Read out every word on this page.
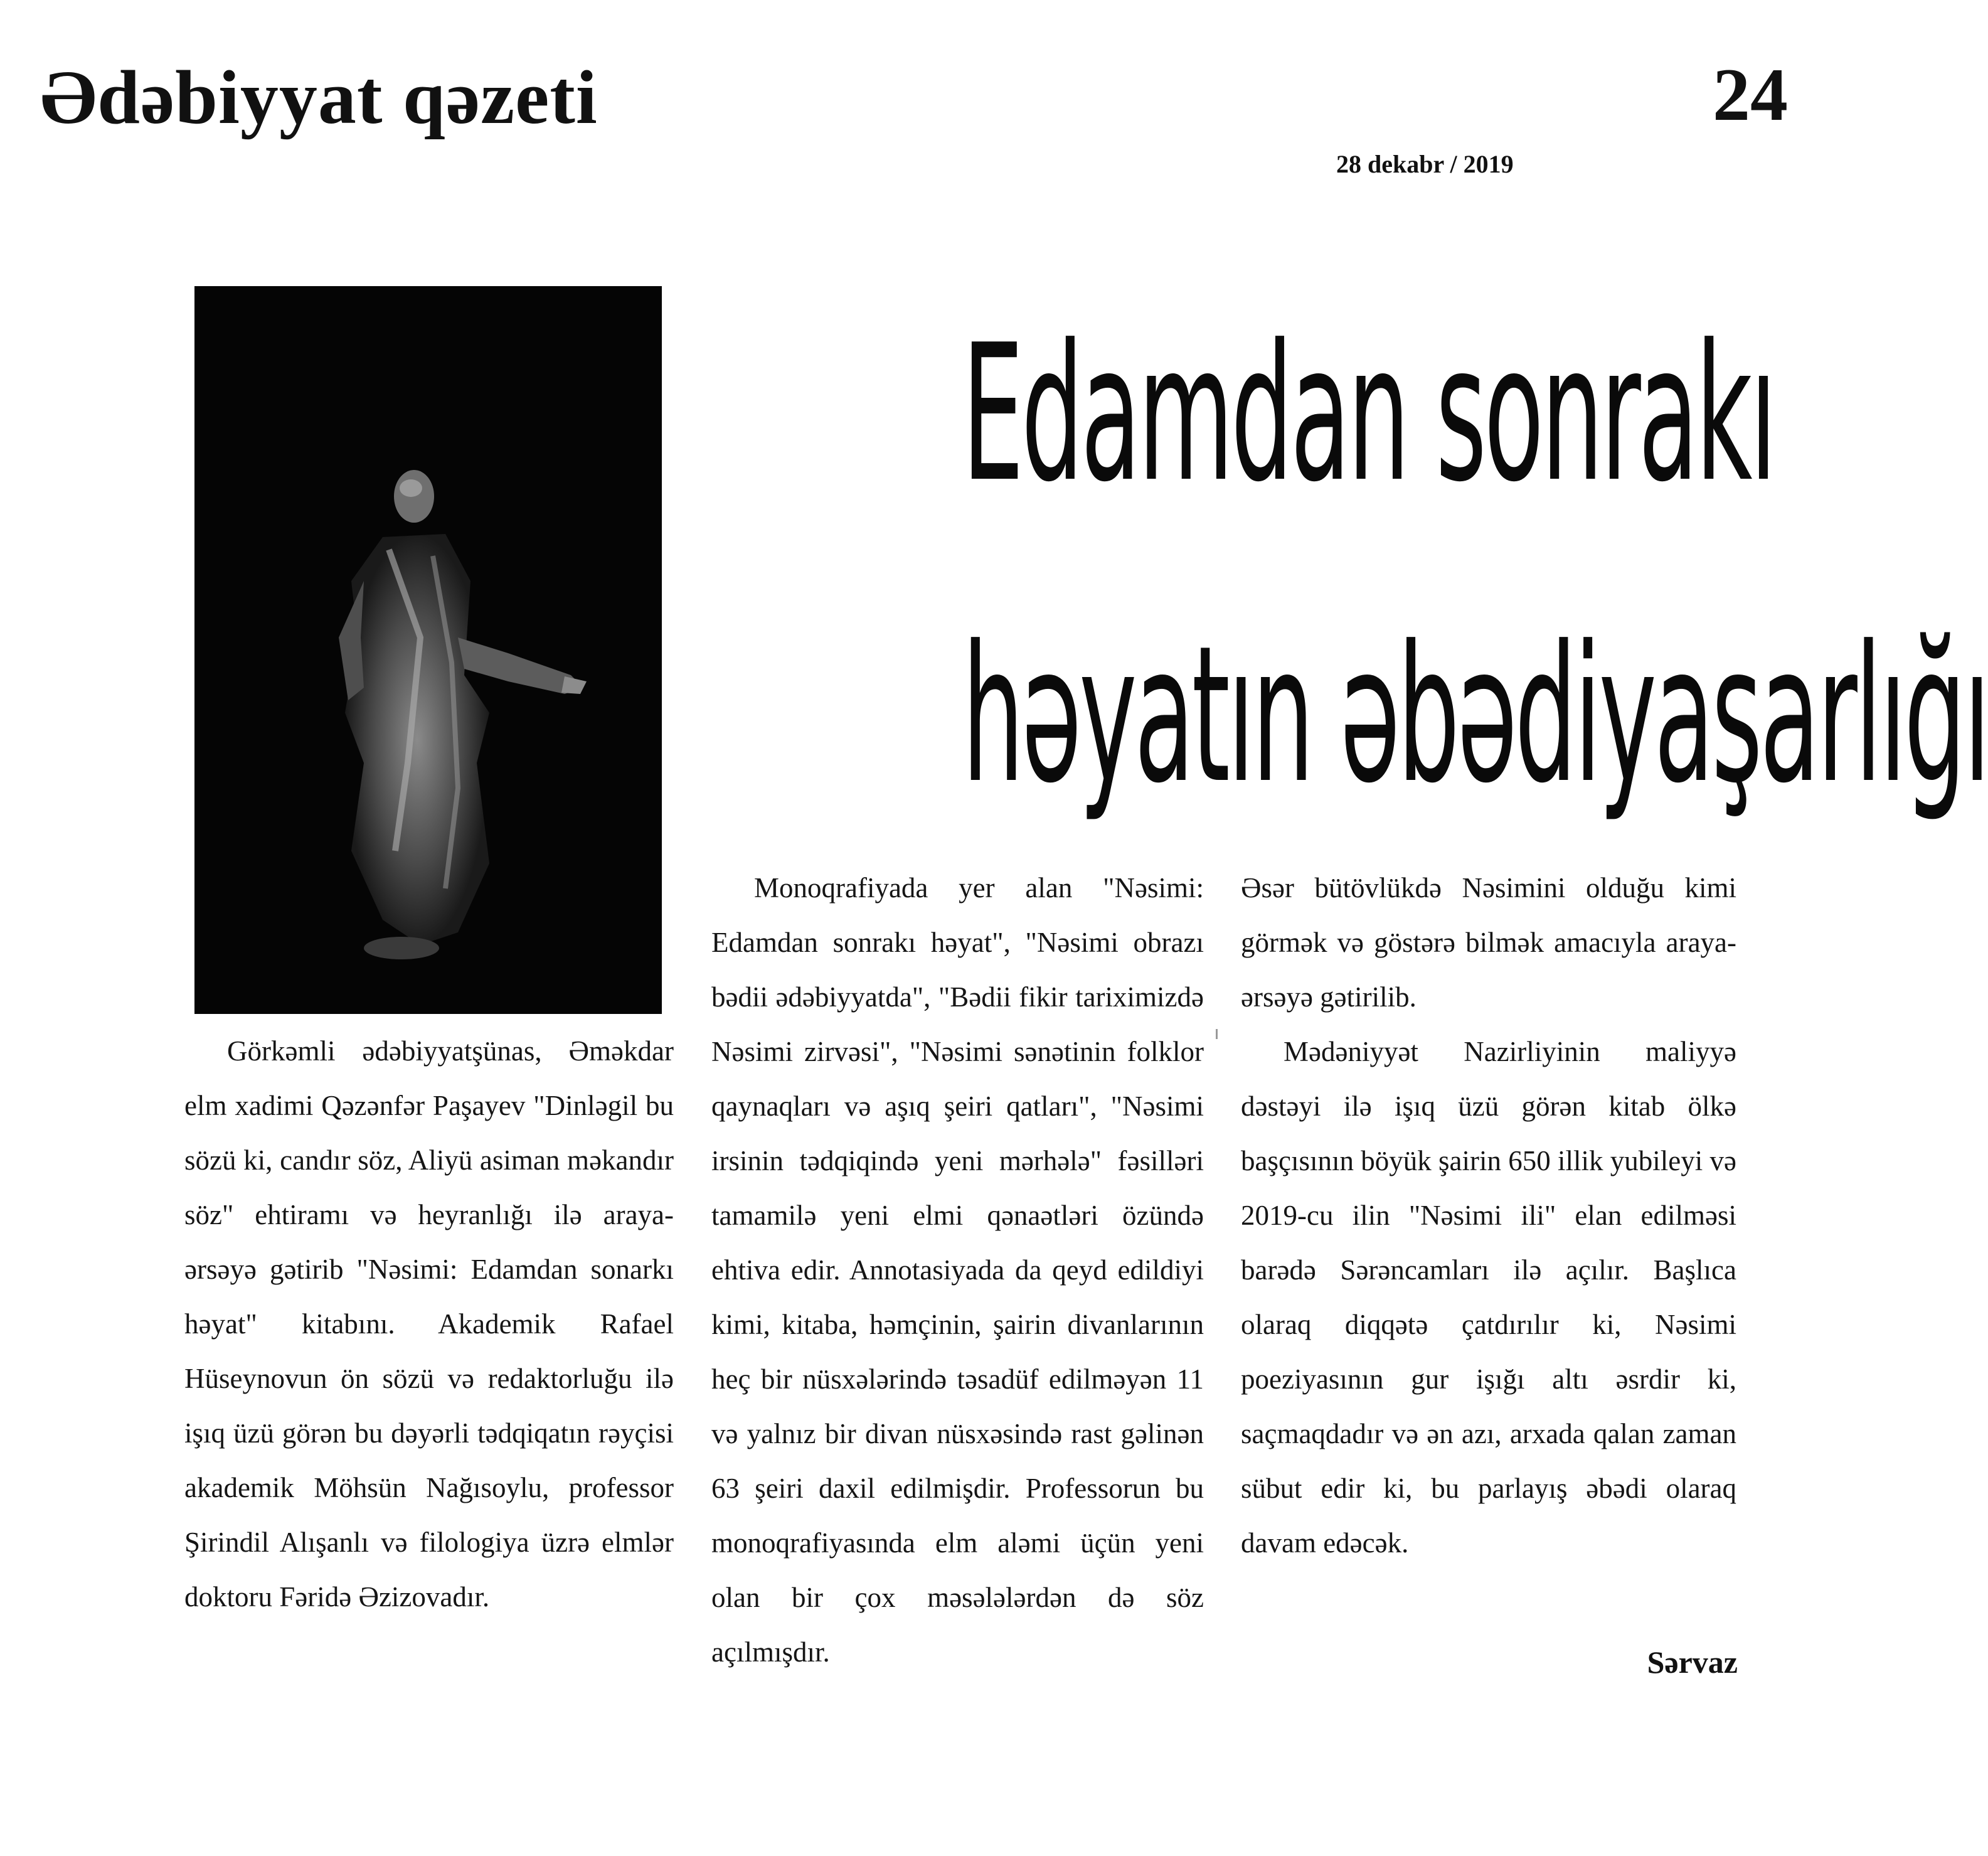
Ədəbiyyat qəzeti	24
28 dekabr / 2019
Edamdan sonrakı
həyatın əbədiyaşarlığı

Görkəmli ədəbiyyatşünas, Əməkdar elm xadimi Qəzənfər Paşayev "Dinləgil bu sözü ki, candır söz, Aliyü asiman məkandır söz" ehtiramı və heyranlığı ilə araya-ərsəyə gətirib "Nəsimi: Edamdan sonarkı həyat" kitabını. Akademik Rafael Hüseynovun ön sözü və redaktorluğu ilə işıq üzü görən bu dəyərli tədqiqatın rəyçisi akademik Möhsün Nağısoylu, professor Şirindil Alışanlı və filologiya üzrə elmlər doktoru Fəridə Əzizovadır.

Monoqrafiyada yer alan "Nəsimi: Edamdan sonrakı həyat", "Nəsimi obrazı bədii ədəbiyyatda", "Bədii fikir tariximizdə Nəsimi zirvəsi", "Nəsimi sənətinin folklor qaynaqları və aşıq şeiri qatları", "Nəsimi irsinin tədqiqində yeni mərhələ" fəsilləri tamamilə yeni elmi qənaətləri özündə ehtiva edir. Annotasiyada da qeyd edildiyi kimi, kitaba, həmçinin, şairin divanlarının heç bir nüsxələrində təsadüf edilməyən 11 və yalnız bir divan nüsxəsində rast gəlinən 63 şeiri daxil edilmişdir. Professorun bu monoqrafiyasında elm aləmi üçün yeni olan bir çox məsələlərdən də söz açılmışdır.

Əsər bütövlükdə Nəsimini olduğu kimi görmək və göstərə bilmək amacıyla araya-ərsəyə gətirilib.

Mədəniyyət Nazirliyinin maliyyə dəstəyi ilə işıq üzü görən kitab ölkə başçısının böyük şairin 650 illik yubileyi və 2019-cu ilin "Nəsimi ili" elan edilməsi barədə Sərəncamları ilə açılır. Başlıca olaraq diqqətə çatdırılır ki, Nəsimi poeziyasının gur işığı altı əsrdir ki, saçmaqdadır və ən azı, arxada qalan zaman sübut edir ki, bu parlayış əbədi olaraq davam edəcək.

Sərvaz
